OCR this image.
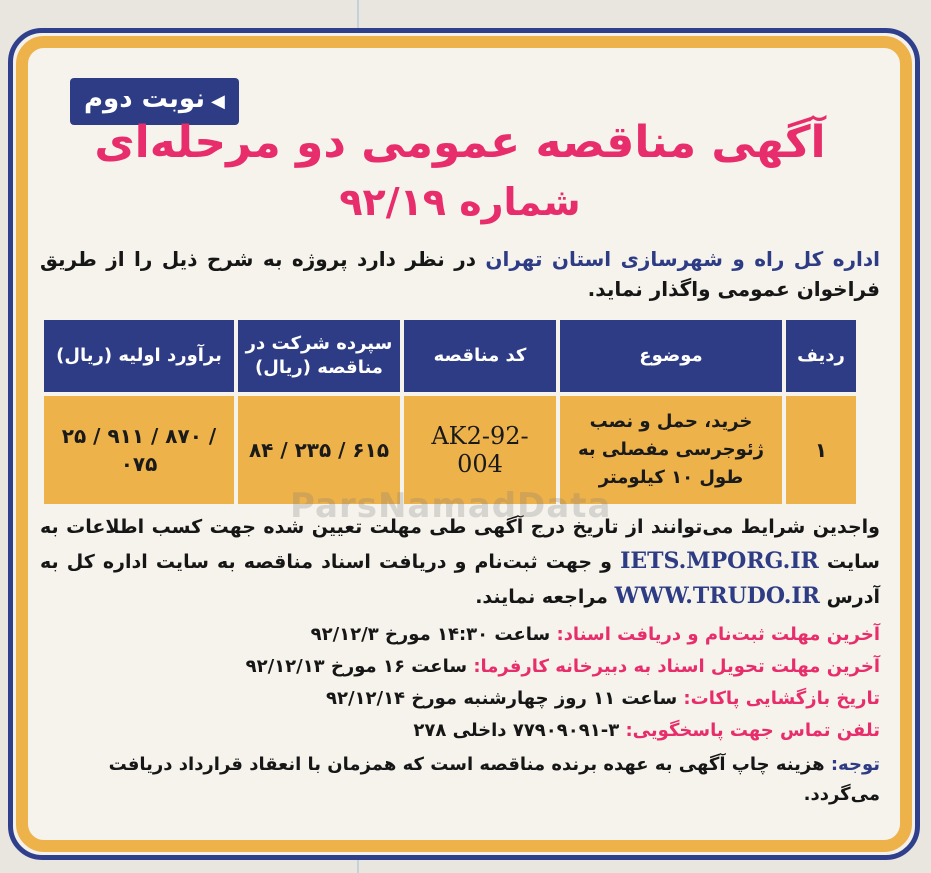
◀نوبت دوم
آگهی مناقصه عمومی دو مرحله‌ای
شماره ۹۲/۱۹
اداره کل راه و شهرسازی استان تهران در نظر دارد پروژه به شرح ذیل را از طریق فراخوان عمومی واگذار نماید.
ردیف	موضوع	کد مناقصه	سپرده شرکت در مناقصه (ریال)	برآورد اولیه (ریال)
۱	خرید، حمل و نصب ژئوجرسی مفصلی به طول ۱۰ کیلومتر	AK2-92-004	۸۴ / ۲۳۵ / ۶۱۵	۲۵ / ۹۱۱ / ۸۷۰ / ۰۷۵
واجدین شرایط می‌توانند از تاریخ درج آگهی طی مهلت تعیین شده جهت کسب اطلاعات به سایت IETS.MPORG.IR و جهت ثبت‌نام و دریافت اسناد مناقصه به سایت اداره کل به آدرس WWW.TRUDO.IR مراجعه نمایند.
آخرین مهلت ثبت‌نام و دریافت اسناد: ساعت ۱۴:۳۰ مورخ ۹۲/۱۲/۳
آخرین مهلت تحویل اسناد به دبیرخانه کارفرما: ساعت ۱۶ مورخ ۹۲/۱۲/۱۳
تاریخ بازگشایی پاکات: ساعت ۱۱ روز چهارشنبه مورخ ۹۲/۱۲/۱۴
تلفن تماس جهت پاسخگویی: ۳-۷۷۹۰۹۰۹۱ داخلی ۲۷۸
توجه: هزینه چاپ آگهی به عهده برنده مناقصه است که همزمان با انعقاد قرارداد دریافت می‌گردد.
ParsNamadData
